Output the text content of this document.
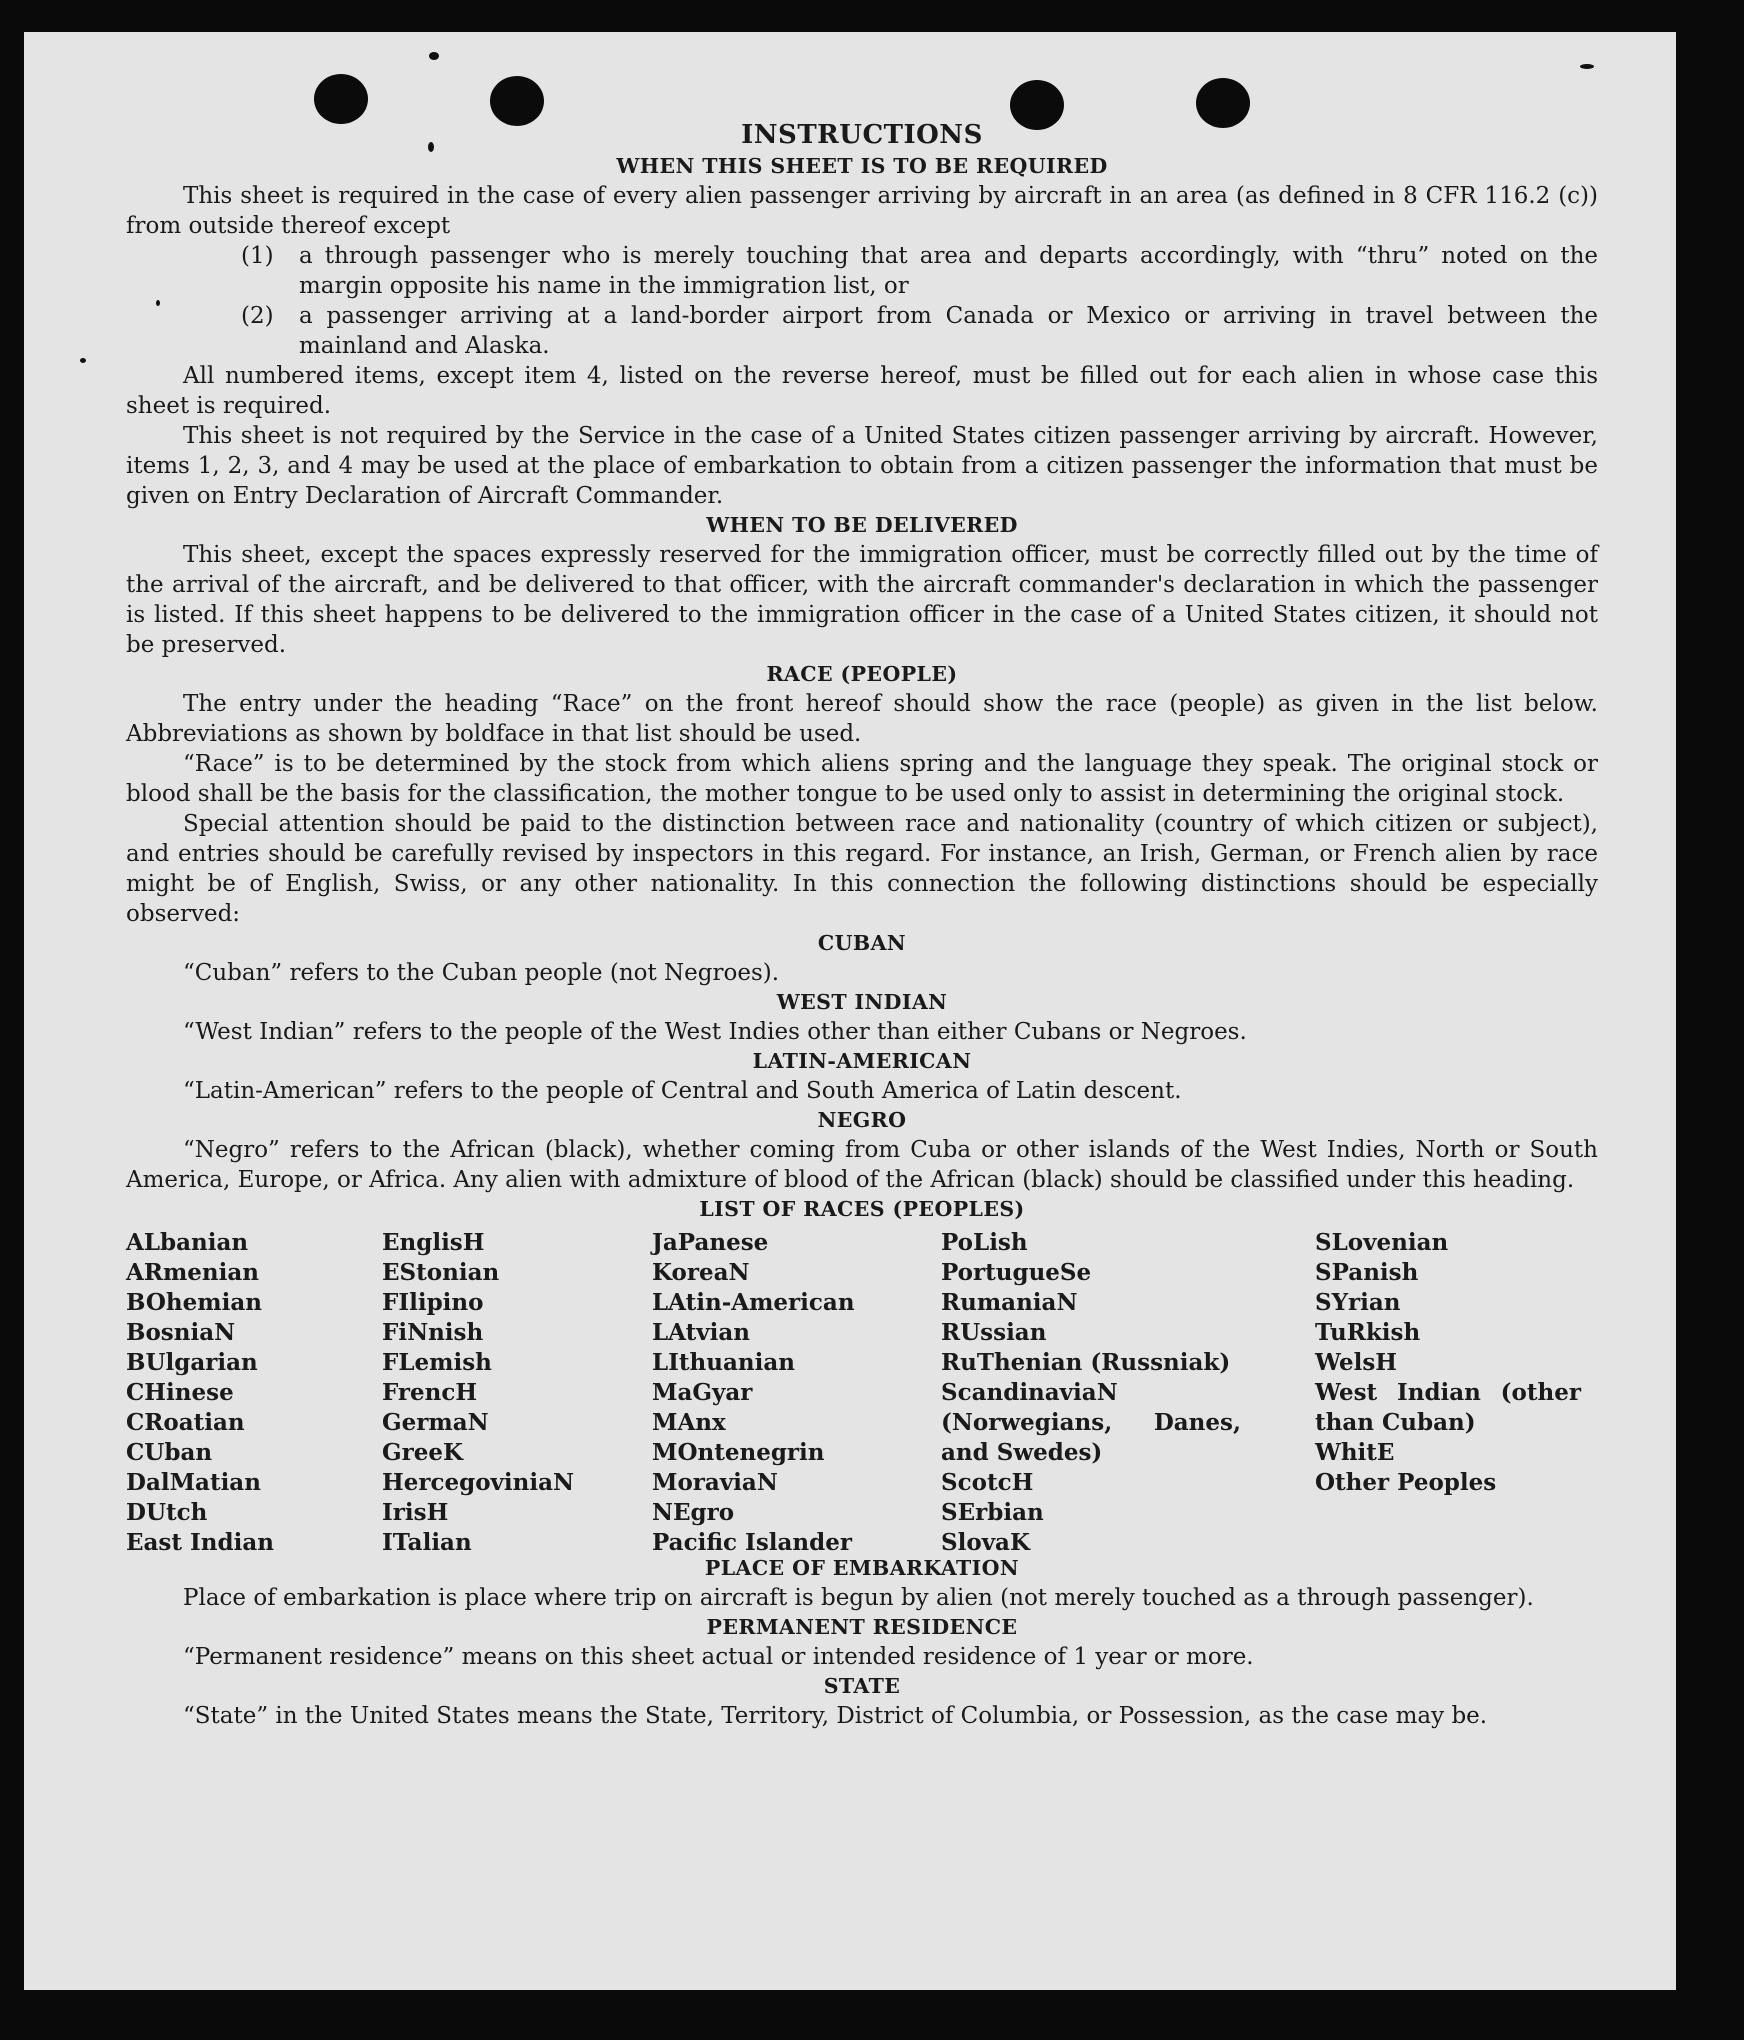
INSTRUCTIONS
WHEN THIS SHEET IS TO BE REQUIRED

This sheet is required in the case of every alien passenger arriving by aircraft in an area (as defined in 8 CFR 116.2 (c)) from outside thereof except

(1) a through passenger who is merely touching that area and departs accordingly, with “thru” noted on the margin opposite his name in the immigration list, or
(2) a passenger arriving at a land-border airport from Canada or Mexico or arriving in travel between the mainland and Alaska.

All numbered items, except item 4, listed on the reverse hereof, must be filled out for each alien in whose case this sheet is required.

This sheet is not required by the Service in the case of a United States citizen passenger arriving by aircraft. However, items 1, 2, 3, and 4 may be used at the place of embarkation to obtain from a citizen passenger the information that must be given on Entry Declaration of Aircraft Commander.

WHEN TO BE DELIVERED

This sheet, except the spaces expressly reserved for the immigration officer, must be correctly filled out by the time of the arrival of the aircraft, and be delivered to that officer, with the aircraft commander's declaration in which the passenger is listed. If this sheet happens to be delivered to the immigration officer in the case of a United States citizen, it should not be preserved.

RACE (PEOPLE)

The entry under the heading “Race” on the front hereof should show the race (people) as given in the list below. Abbreviations as shown by boldface in that list should be used.

“Race” is to be determined by the stock from which aliens spring and the language they speak. The original stock or blood shall be the basis for the classification, the mother tongue to be used only to assist in determining the original stock.

Special attention should be paid to the distinction between race and nationality (country of which citizen or subject), and entries should be carefully revised by inspectors in this regard. For instance, an Irish, German, or French alien by race might be of English, Swiss, or any other nationality. In this connection the following distinctions should be especially observed:

CUBAN

“Cuban” refers to the Cuban people (not Negroes).

WEST INDIAN

“West Indian” refers to the people of the West Indies other than either Cubans or Negroes.

LATIN-AMERICAN

“Latin-American” refers to the people of Central and South America of Latin descent.

NEGRO

“Negro” refers to the African (black), whether coming from Cuba or other islands of the West Indies, North or South America, Europe, or Africa. Any alien with admixture of blood of the African (black) should be classified under this heading.

LIST OF RACES (PEOPLES)
ALbanian
ARmenian
BOhemian
BosniaN
BUlgarian
CHinese
CRoatian
CUban
DalMatian
DUtch
East Indian
EnglisH
EStonian
FIlipino
FiNnish
FLemish
FrencH
GermaN
GreeK
HercegoviniaN
IrisH
ITalian
JaPanese
KoreaN
LAtin-American
LAtvian
LIthuanian
MaGyar
MAnx
MOntenegrin
MoraviaN
NEgro
Pacific Islander
PoLish
PortugueSe
RumaniaN
RUssian
RuThenian (Russniak)
ScandinaviaN (Norwegians, Danes, and Swedes)
ScotcH
SErbian
SlovaK
SLovenian
SPanish
SYrian
TuRkish
WelsH
West Indian (other than Cuban)
WhitE
Other Peoples
PLACE OF EMBARKATION

Place of embarkation is place where trip on aircraft is begun by alien (not merely touched as a through passenger).

PERMANENT RESIDENCE

“Permanent residence” means on this sheet actual or intended residence of 1 year or more.

STATE

“State” in the United States means the State, Territory, District of Columbia, or Possession, as the case may be.
